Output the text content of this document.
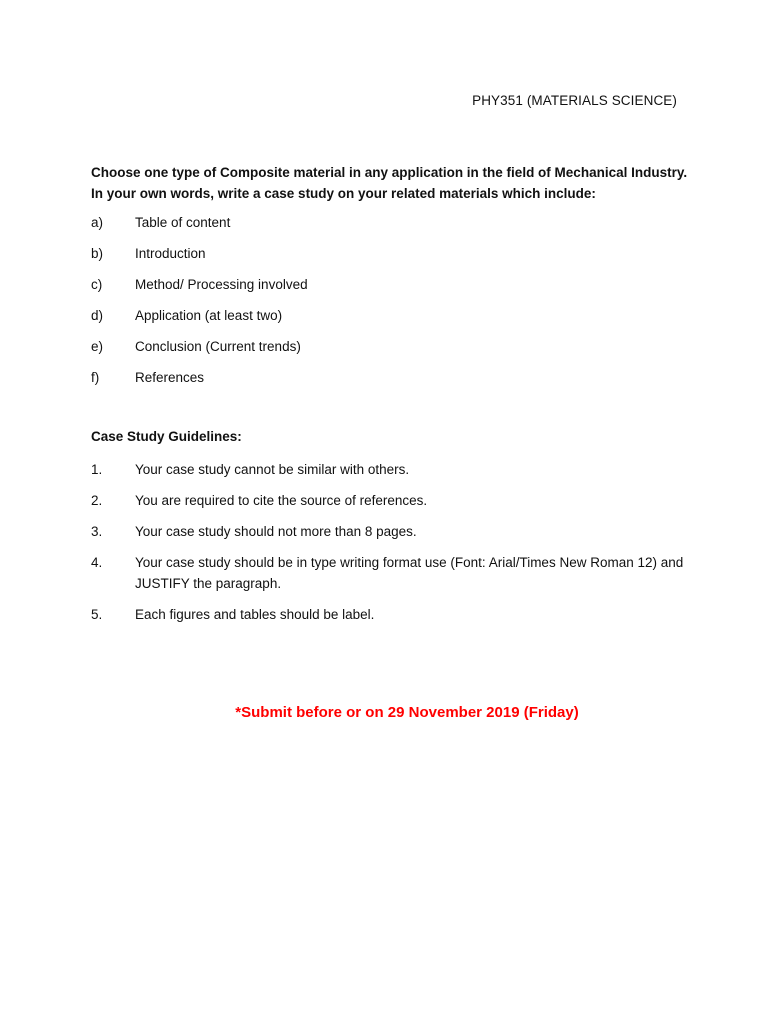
PHY351 (MATERIALS SCIENCE)
Choose one type of Composite material in any application in the field of Mechanical Industry.
In your own words, write a case study on your related materials which include:
a)	Table of content
b)	Introduction
c)	Method/ Processing involved
d)	Application (at least two)
e)	Conclusion (Current trends)
f)	References
Case Study Guidelines:
1.	Your case study cannot be similar with others.
2.	You are required to cite the source of references.
3.	Your case study should not more than 8 pages.
4.	Your case study should be in type writing format use (Font: Arial/Times New Roman 12) and JUSTIFY the paragraph.
5.	Each figures and tables should be label.
*Submit before or on 29 November 2019 (Friday)
